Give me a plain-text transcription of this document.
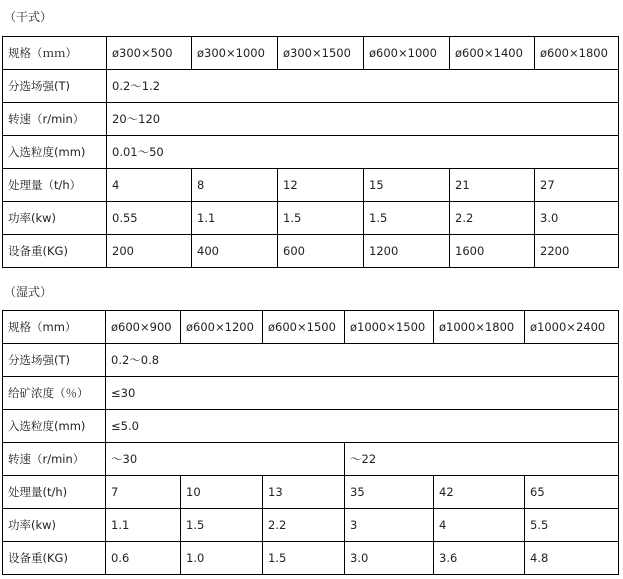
（干式）
规格（ｍｍ）	ø300×500	ø300×1000	ø300×1500	ø600×1000	ø600×1400	ø600×1800
分选场强(T)	0.2～1.2					
转速（r/min）	20～120					
入选粒度(mm)	0.01～50					
处理量（t/h）	4	8	12	15	21	27
功率(kw)	0.55	1.1	1.5	1.5	2.2	3.0
设备重(KG)	200	400	600	1200	1600	2200
（湿式）
规格（mm）	ø600×900	ø600×1200	ø600×1500	ø1000×1500	ø1000×1800	ø1000×2400
分选场强(T)	0.2～0.8					
给矿浓度（％）	≤30					
入选粒度(mm)	≤5.0					
转速（r/min）	～30			～22		
处理量(t/h)	7	10	13	35	42	65
功率(kw)	1.1	1.5	2.2	3	4	5.5
设备重(KG)	0.6	1.0	1.5	3.0	3.6	4.8
